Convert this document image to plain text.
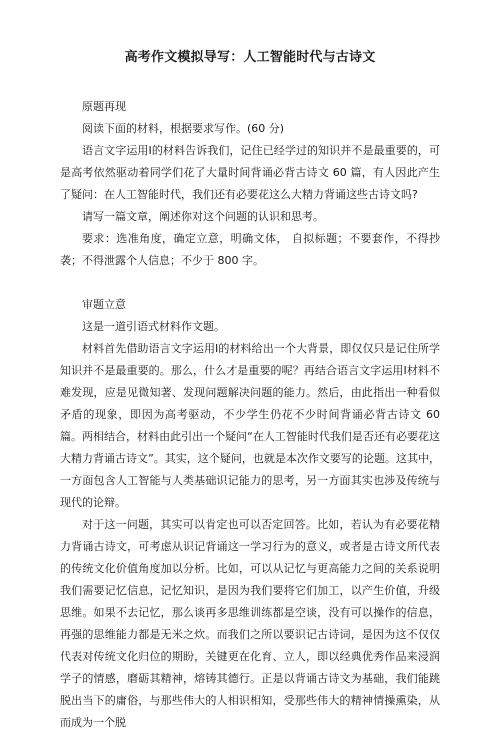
高考作文模拟导写：人工智能时代与古诗文

原题再现

阅读下面的材料，根据要求写作。(60 分)

语言文字运用Ⅰ的材料告诉我们，记住已经学过的知识并不是最重要的，可是高考依然驱动着同学们花了大量时间背诵必背古诗文 60 篇，有人因此产生了疑问：在人工智能时代，我们还有必要花这么大精力背诵这些古诗文吗?

请写一篇文章，阐述你对这个问题的认识和思考。

要求：选准角度，确定立意，明确文体， 自拟标题；不要套作，不得抄袭；不得泄露个人信息；不少于 800 字。

审题立意

这是一道引语式材料作文题。

材料首先借助语言文字运用Ⅰ的材料给出一个大背景，即仅仅只是记住所学知识并不是最重要的。那么，什么才是重要的呢？再结合语言文字运用Ⅰ材料不难发现，应是见微知著、发现问题解决问题的能力。然后，由此指出一种看似矛盾的现象，即因为高考驱动，不少学生仍花不少时间背诵必背古诗文 60 篇。两相结合，材料由此引出一个疑问“在人工智能时代我们是否还有必要花这大精力背诵古诗文”。其实，这个疑问，也就是本次作文要写的论题。这其中，一方面包含人工智能与人类基础识记能力的思考，另一方面其实也涉及传统与现代的论辩。

对于这一问题，其实可以肯定也可以否定回答。比如，若认为有必要花精力背诵古诗文，可考虑从识记背诵这一学习行为的意义，或者是古诗文所代表的传统文化价值角度加以分析。比如，可以从记忆与更高能力之间的关系说明我们需要记忆信息，记忆知识，是因为我们要将它们加工，以产生价值，升级思维。如果不去记忆，那么谈再多思维训练都是空谈，没有可以操作的信息，再强的思维能力都是无米之炊。而我们之所以要识记古诗词，是因为这不仅仅代表对传统文化归位的期盼，关键更在化育、立人，即以经典优秀作品来浸润学子的情感，磨砺其精神，熔铸其德行。正是以背诵古诗文为基础，我们能跳脱出当下的庸俗，与那些伟大的人相识相知，受那些伟大的精神情操熏染，从而成为一个脱
